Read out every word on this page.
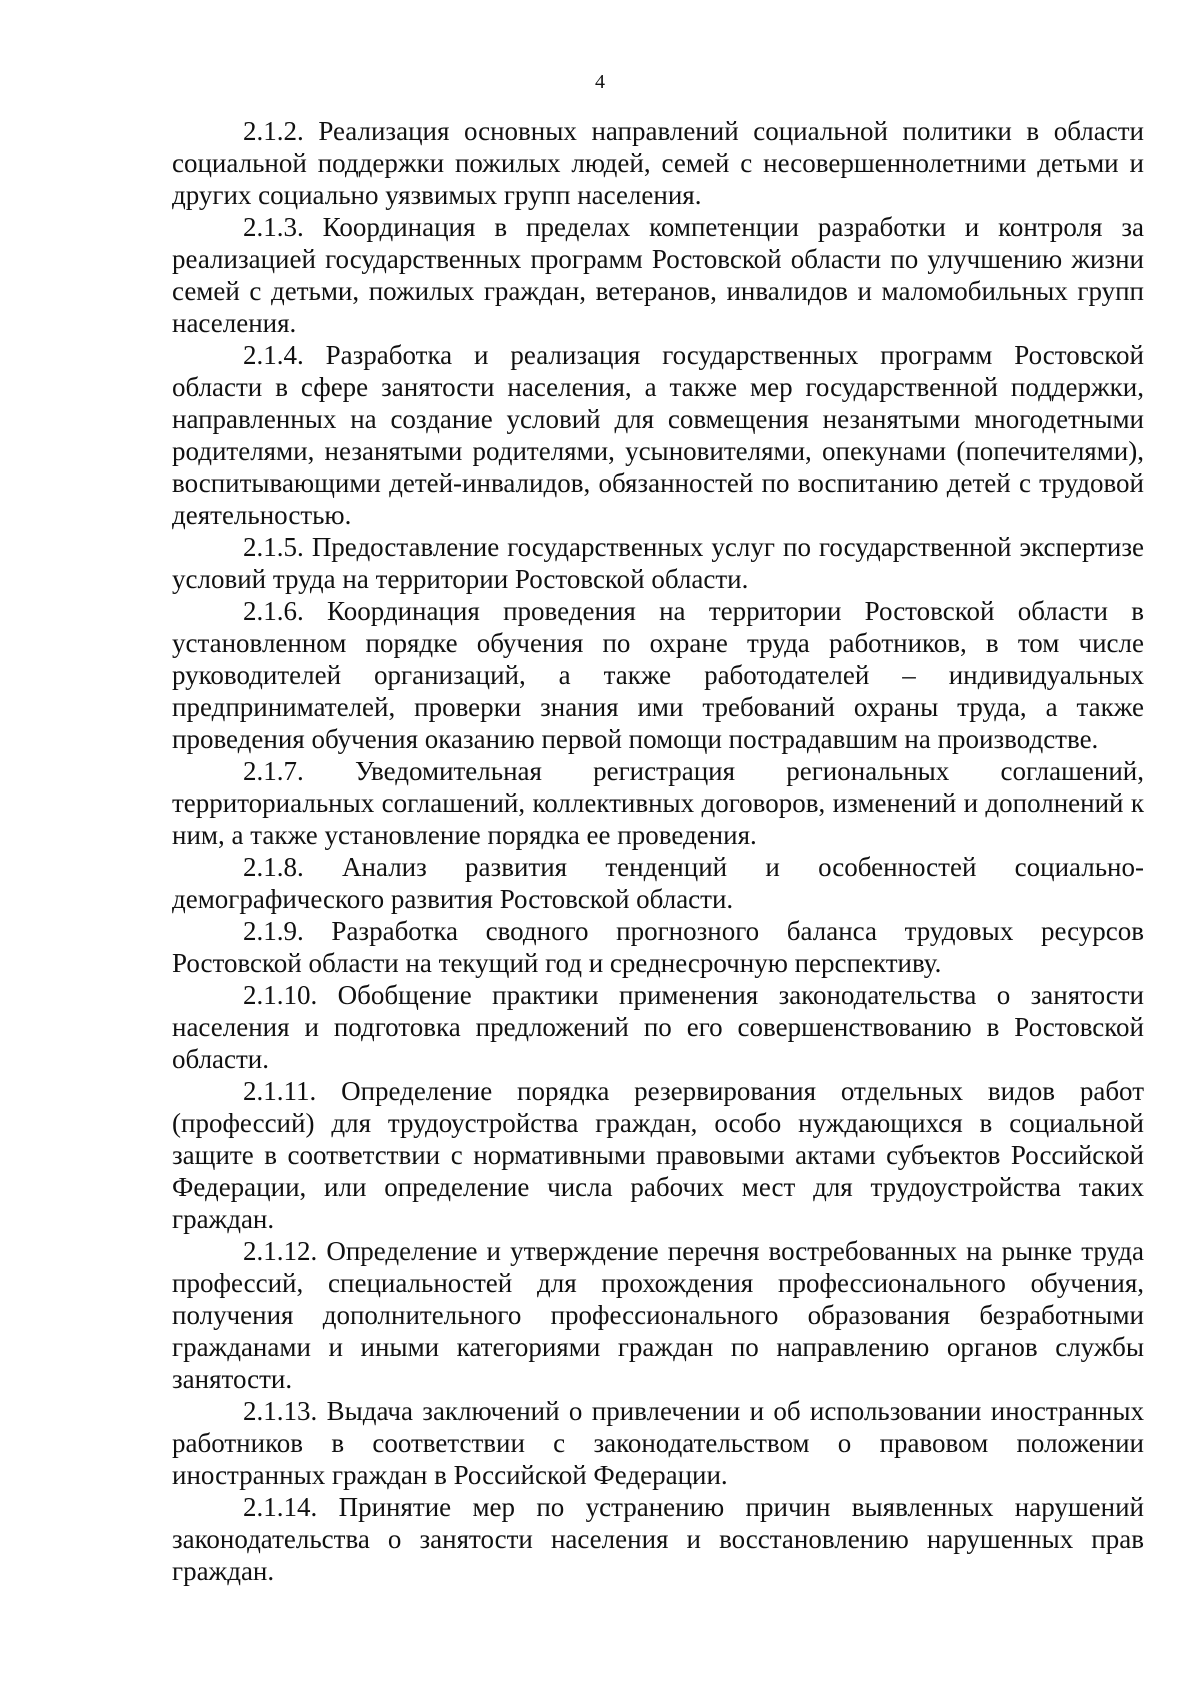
4

2.1.2. Реализация основных направлений социальной политики в области социальной поддержки пожилых людей, семей с несовершеннолетними детьми и других социально уязвимых групп населения.

2.1.3. Координация в пределах компетенции разработки и контроля за реализацией государственных программ Ростовской области по улучшению жизни семей с детьми, пожилых граждан, ветеранов, инвалидов и маломобильных групп населения.

2.1.4. Разработка и реализация государственных программ Ростовской области в сфере занятости населения, а также мер государственной поддержки, направленных на создание условий для совмещения незанятыми многодетными родителями, незанятыми родителями, усыновителями, опекунами (попечителями), воспитывающими детей-инвалидов, обязанностей по воспитанию детей с трудовой деятельностью.

2.1.5. Предоставление государственных услуг по государственной экспертизе условий труда на территории Ростовской области.

2.1.6. Координация проведения на территории Ростовской области в установленном порядке обучения по охране труда работников, в том числе руководителей организаций, а также работодателей – индивидуальных предпринимателей, проверки знания ими требований охраны труда, а также проведения обучения оказанию первой помощи пострадавшим на производстве.

2.1.7. Уведомительная регистрация региональных соглашений, территориальных соглашений, коллективных договоров, изменений и дополнений к ним, а также установление порядка ее проведения.

2.1.8. Анализ развития тенденций и особенностей социально-демографического развития Ростовской области.

2.1.9. Разработка сводного прогнозного баланса трудовых ресурсов Ростовской области на текущий год и среднесрочную перспективу.

2.1.10. Обобщение практики применения законодательства о занятости населения и подготовка предложений по его совершенствованию в Ростовской области.

2.1.11. Определение порядка резервирования отдельных видов работ (профессий) для трудоустройства граждан, особо нуждающихся в социальной защите в соответствии с нормативными правовыми актами субъектов Российской Федерации, или определение числа рабочих мест для трудоустройства таких граждан.

2.1.12. Определение и утверждение перечня востребованных на рынке труда профессий, специальностей для прохождения профессионального обучения, получения дополнительного профессионального образования безработными гражданами и иными категориями граждан по направлению органов службы занятости.

2.1.13. Выдача заключений о привлечении и об использовании иностранных работников в соответствии с законодательством о правовом положении иностранных граждан в Российской Федерации.

2.1.14. Принятие мер по устранению причин выявленных нарушений законодательства о занятости населения и восстановлению нарушенных прав граждан.
